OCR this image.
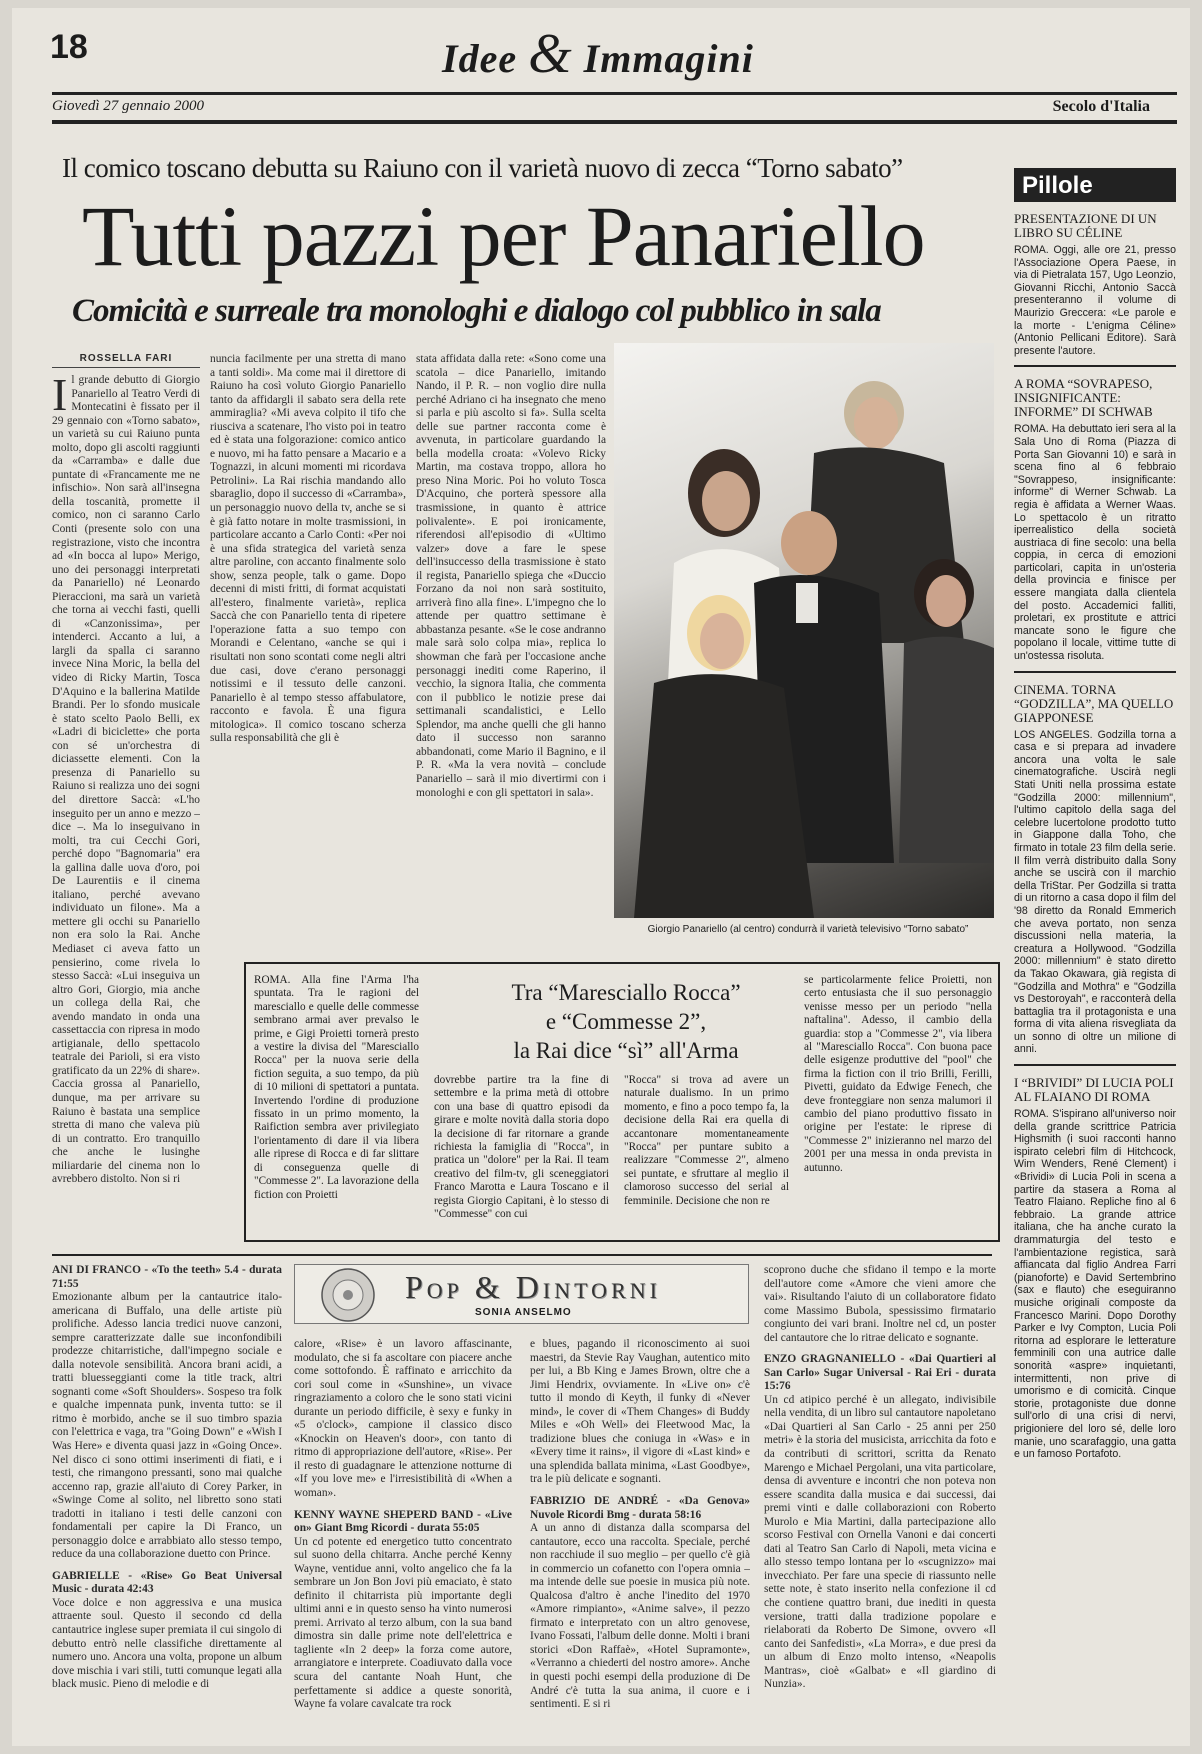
18	Idee & Immagini
Giovedì 27 gennaio 2000	Secolo d'Italia
Il comico toscano debutta su Raiuno con il varietà nuovo di zecca “Torno sabato”
Tutti pazzi per Panariello
Comicità e surreale tra monologhi e dialogo col pubblico in sala
ROSSELLA FARI
I l grande debutto di Giorgio Panariello al Teatro Verdi di Montecatini è fissato per il 29 gennaio con «Torno sabato», un varietà su cui Raiuno punta molto, dopo gli ascolti raggiunti da «Carramba» e dalle due puntate di «Francamente me ne infischio». Non sarà all'insegna della toscanità, promette il comico, non ci saranno Carlo Conti (presente solo con una registrazione, visto che incontra ad «In bocca al lupo» Merigo, uno dei personaggi interpretati da Panariello) né Leonardo Pieraccioni, ma sarà un varietà che torna ai vecchi fasti, quelli di «Canzonissima», per intenderci. Accanto a lui, a largli da spalla ci saranno invece Nina Moric, la bella del video di Ricky Martin, Tosca D'Aquino e la ballerina Matilde Brandi. Per lo sfondo musicale è stato scelto Paolo Belli, ex «Ladri di biciclette» che porta con sé un'orchestra di diciassette elementi. Con la presenza di Panariello su Raiuno si realizza uno dei sogni del direttore Saccà: «L'ho inseguito per un anno e mezzo – dice –. Ma lo inseguivano in molti, tra cui Cecchi Gori, perché dopo "Bagnomaria" era la gallina dalle uova d'oro, poi De Laurentiis e il cinema italiano, perché avevano individuato un filone». Ma a mettere gli occhi su Panariello non era solo la Rai. Anche Mediaset ci aveva fatto un pensierino, come rivela lo stesso Saccà: «Lui inseguiva un altro Gori, Giorgio, mia anche un collega della Rai, che avendo mandato in onda una cassettaccia con ripresa in modo artigianale, dello spettacolo teatrale dei Parioli, si era visto gratificato da un 22% di share». Caccia grossa al Panariello, dunque, ma per arrivare su Raiuno è bastata una semplice stretta di mano che valeva più di un contratto. Ero tranquillo che anche le lusinghe miliardarie del cinema non lo avrebbero distolto. Non si ri
nuncia facilmente per una stretta di mano a tanti soldi». Ma come mai il direttore di Raiuno ha così voluto Giorgio Panariello tanto da affidargli il sabato sera della rete ammiraglia? «Mi aveva colpito il tifo che riusciva a scatenare, l'ho visto poi in teatro ed è stata una folgorazione: comico antico e nuovo, mi ha fatto pensare a Macario e a Tognazzi, in alcuni momenti mi ricordava Petrolini». La Rai rischia mandando allo sbaraglio, dopo il successo di «Carramba», un personaggio nuovo della tv, anche se si è già fatto notare in molte trasmissioni, in particolare accanto a Carlo Conti: «Per noi è una sfida strategica del varietà senza altre paroline, con accanto finalmente solo show, senza people, talk o game. Dopo decenni di misti fritti, di format acquistati all'estero, finalmente varietà», replica Saccà che con Panariello tenta di ripetere l'operazione fatta a suo tempo con Morandi e Celentano, «anche se qui i risultati non sono scontati come negli altri due casi, dove c'erano personaggi notissimi e il tessuto delle canzoni. Panariello è al tempo stesso affabulatore, racconto e favola. È una figura mitologica». Il comico toscano scherza sulla responsabilità che gli è
stata affidata dalla rete: «Sono come una scatola – dice Panariello, imitando Nando, il P. R. – non voglio dire nulla perché Adriano ci ha insegnato che meno si parla e più ascolto si fa». Sulla scelta delle sue partner racconta come è avvenuta, in particolare guardando la bella modella croata: «Volevo Ricky Martin, ma costava troppo, allora ho preso Nina Moric. Poi ho voluto Tosca D'Acquino, che porterà spessore alla trasmissione, in quanto è attrice polivalente». E poi ironicamente, riferendosi all'episodio di «Ultimo valzer» dove a fare le spese dell'insuccesso della trasmissione è stato il regista, Panariello spiega che «Duccio Forzano da noi non sarà sostituito, arriverà fino alla fine». L'impegno che lo attende per quattro settimane è abbastanza pesante. «Se le cose andranno male sarà solo colpa mia», replica lo showman che farà per l'occasione anche personaggi inediti come Raperino, il vecchio, la signora Italia, che commenta con il pubblico le notizie prese dai settimanali scandalistici, e Lello Splendor, ma anche quelli che gli hanno dato il successo non saranno abbandonati, come Mario il Bagnino, e il P. R. «Ma la vera novità – conclude Panariello – sarà il mio divertirmi con i monologhi e con gli spettatori in sala».
Giorgio Panariello (al centro) condurrà il varietà televisivo “Torno sabato”
Pillole
PRESENTAZIONE DI UN LIBRO SU CÉLINE
ROMA. Oggi, alle ore 21, presso l'Associazione Opera Paese, in via di Pietralata 157, Ugo Leonzio, Giovanni Ricchi, Antonio Saccà presenteranno il volume di Maurizio Greccera: «Le parole e la morte - L'enigma Céline» (Antonio Pellicani Editore). Sarà presente l'autore.
A ROMA “SOVRAPESO, INSIGNIFICANTE: INFORME” DI SCHWAB
ROMA. Ha debuttato ieri sera al la Sala Uno di Roma (Piazza di Porta San Giovanni 10) e sarà in scena fino al 6 febbraio "Sovrappeso, insignificante: informe" di Werner Schwab. La regia è affidata a Werner Waas. Lo spettacolo è un ritratto iperrealistico della società austriaca di fine secolo: una bella coppia, in cerca di emozioni particolari, capita in un'osteria della provincia e finisce per essere mangiata dalla clientela del posto. Accademici falliti, proletari, ex prostitute e attrici mancate sono le figure che popolano il locale, vittime tutte di un'ostessa risoluta.
CINEMA. TORNA “GODZILLA”, MA QUELLO GIAPPONESE
LOS ANGELES. Godzilla torna a casa e si prepara ad invadere ancora una volta le sale cinematografiche. Uscirà negli Stati Uniti nella prossima estate "Godzilla 2000: millennium", l'ultimo capitolo della saga del celebre lucertolone prodotto tutto in Giappone dalla Toho, che firmato in totale 23 film della serie. Il film verrà distribuito dalla Sony anche se uscirà con il marchio della TriStar. Per Godzilla si tratta di un ritorno a casa dopo il film del '98 diretto da Ronald Emmerich che aveva portato, non senza discussioni nella materia, la creatura a Hollywood. "Godzilla 2000: millennium" è stato diretto da Takao Okawara, già regista di "Godzilla and Mothra" e "Godzilla vs Destoroyah", e racconterà della battaglia tra il protagonista e una forma di vita aliena risvegliata da un sonno di oltre un milione di anni.
I “BRIVIDI” DI LUCIA POLI AL FLAIANO DI ROMA
ROMA. S'ispirano all'universo noir della grande scrittrice Patricia Highsmith (i suoi racconti hanno ispirato celebri film di Hitchcock, Wim Wenders, René Clement) i «Brividi» di Lucia Poli in scena a partire da stasera a Roma al Teatro Flaiano. Repliche fino al 6 febbraio. La grande attrice italiana, che ha anche curato la drammaturgia del testo e l'ambientazione registica, sarà affiancata dal figlio Andrea Farri (pianoforte) e David Sertembrino (sax e flauto) che eseguiranno musiche originali composte da Francesco Marini. Dopo Dorothy Parker e Ivy Compton, Lucia Poli ritorna ad esplorare le letterature femminili con una autrice dalle sonorità «aspre» inquietanti, intermittenti, non prive di umorismo e di comicità. Cinque storie, protagoniste due donne sull'orlo di una crisi di nervi, prigioniere del loro sé, delle loro manie, uno scarafaggio, una gatta e un famoso Portafoto.
Tra “Maresciallo Rocca”
e “Commesse 2”,
la Rai dice “sì” all'Arma
ROMA. Alla fine l'Arma l'ha spuntata. Tra le ragioni del maresciallo e quelle delle commesse sembrano armai aver prevalso le prime, e Gigi Proietti tornerà presto a vestire la divisa del "Maresciallo Rocca" per la nuova serie della fiction seguita, a suo tempo, da più di 10 milioni di spettatori a puntata. Invertendo l'ordine di produzione fissato in un primo momento, la Raifiction sembra aver privilegiato l'orientamento di dare il via libera alle riprese di Rocca e di far slittare di conseguenza quelle di "Commesse 2". La lavorazione della fiction con Proietti
dovrebbe partire tra la fine di settembre e la prima metà di ottobre con una base di quattro episodi da girare e molte novità dalla storia dopo la decisione di far ritornare a grande richiesta la famiglia di "Rocca", in pratica un "dolore" per la Rai. Il team creativo del film-tv, gli sceneggiatori Franco Marotta e Laura Toscano e il regista Giorgio Capitani, è lo stesso di "Commesse" con cui
"Rocca" si trova ad avere un naturale dualismo. In un primo momento, e fino a poco tempo fa, la decisione della Rai era quella di accantonare momentaneamente "Rocca" per puntare subito a realizzare "Commesse 2", almeno sei puntate, e sfruttare al meglio il clamoroso successo del serial al femminile. Decisione che non re
se particolarmente felice Proietti, non certo entusiasta che il suo personaggio venisse messo per un periodo "nella naftalina". Adesso, il cambio della guardia: stop a "Commesse 2", via libera al "Maresciallo Rocca". Con buona pace delle esigenze produttive del "pool" che firma la fiction con il trio Brilli, Ferilli, Pivetti, guidato da Edwige Fenech, che deve fronteggiare non senza malumori il cambio del piano produttivo fissato in origine per l'estate: le riprese di "Commesse 2" inizieranno nel marzo del 2001 per una messa in onda prevista in autunno.
Pop & Dintorni
SONIA ANSELMO
ANI DI FRANCO - «To the teeth» 5.4 - durata 71:55
Emozionante album per la cantautrice italo-americana di Buffalo, una delle artiste più prolifiche. Adesso lancia tredici nuove canzoni, sempre caratterizzate dalle sue inconfondibili prodezze chitarristiche, dall'impegno sociale e dalla notevole sensibilità. Ancora brani acidi, a tratti bluesseggianti come la title track, altri sognanti come «Soft Shoulders». Sospeso tra folk e qualche impennata punk, inventa tutto: se il ritmo è morbido, anche se il suo timbro spazia con l'elettrica e vaga, tra "Going Down" e «Wish I Was Here» e diventa quasi jazz in «Going Once». Nel disco ci sono ottimi inserimenti di fiati, e i testi, che rimangono pressanti, sono mai qualche accenno rap, grazie all'aiuto di Corey Parker, in «Swinge Come al solito, nel libretto sono stati tradotti in italiano i testi delle canzoni con fondamentali per capire la Di Franco, un personaggio dolce e arrabbiato allo stesso tempo, reduce da una collaborazione duetto con Prince.
GABRIELLE - «Rise» Go Beat Universal Music - durata 42:43
Voce dolce e non aggressiva e una musica attraente soul. Questo il secondo cd della cantautrice inglese super premiata il cui singolo di debutto entrò nelle classifiche direttamente al numero uno. Ancora una volta, propone un album dove mischia i vari stili, tutti comunque legati alla black music. Pieno di melodie e di
calore, «Rise» è un lavoro affascinante, modulato, che si fa ascoltare con piacere anche come sottofondo. È raffinato e arricchito da cori soul come in «Sunshine», un vivace ringraziamento a coloro che le sono stati vicini durante un periodo difficile, è sexy e funky in «5 o'clock», campione il classico disco «Knockin on Heaven's door», con tanto di ritmo di appropriazione dell'autore, «Rise». Per il resto di guadagnare le attenzione notturne di «If you love me» e l'irresistibilità di «When a woman».
KENNY WAYNE SHEPERD BAND - «Live on» Giant Bmg Ricordi - durata 55:05
Un cd potente ed energetico tutto concentrato sul suono della chitarra. Anche perché Kenny Wayne, ventidue anni, volto angelico che fa la sembrare un Jon Bon Jovi più emaciato, è stato definito il chitarrista più importante degli ultimi anni e in questo senso ha vinto numerosi premi. Arrivato al terzo album, con la sua band dimostra sin dalle prime note dell'elettrica e tagliente «In 2 deep» la forza come autore, arrangiatore e interprete. Coadiuvato dalla voce scura del cantante Noah Hunt, che perfettamente si addice a queste sonorità, Wayne fa volare cavalcate tra rock
e blues, pagando il riconoscimento ai suoi maestri, da Stevie Ray Vaughan, autentico mito per lui, a Bb King e James Brown, oltre che a Jimi Hendrix, ovviamente. In «Live on» c'è tutto il mondo di Keyth, il funky di «Never mind», le cover di «Them Changes» di Buddy Miles e «Oh Well» dei Fleetwood Mac, la tradizione blues che coniuga in «Was» e in «Every time it rains», il vigore di «Last kind» e una splendida ballata minima, «Last Goodbye», tra le più delicate e sognanti.
FABRIZIO DE ANDRÉ - «Da Genova» Nuvole Ricordi Bmg - durata 58:16
A un anno di distanza dalla scomparsa del cantautore, ecco una raccolta. Speciale, perché non racchiude il suo meglio – per quello c'è già in commercio un cofanetto con l'opera omnia – ma intende delle sue poesie in musica più note. Qualcosa d'altro è anche l'inedito del 1970 «Amore rimpianto», «Anime salve», il pezzo firmato e interpretato con un altro genovese, Ivano Fossati, l'album delle donne. Molti i brani storici «Don Raffaè», «Hotel Supramonte», «Verranno a chiederti del nostro amore». Anche in questi pochi esempi della produzione di De André c'è tutta la sua anima, il cuore e i sentimenti. E si ri
scoprono duche che sfidano il tempo e la morte dell'autore come «Amore che vieni amore che vai». Risultando l'aiuto di un collaboratore fidato come Massimo Bubola, spessissimo firmatario congiunto dei vari brani. Inoltre nel cd, un poster del cantautore che lo ritrae delicato e sognante.
ENZO GRAGNANIELLO - «Dai Quartieri al San Carlo» Sugar Universal - Rai Eri - durata 15:76
Un cd atipico perché è un allegato, indivisibile nella vendita, di un libro sul cantautore napoletano «Dai Quartieri al San Carlo - 25 anni per 250 metri» è la storia del musicista, arricchita da foto e da contributi di scrittori, scritta da Renato Marengo e Michael Pergolani, una vita particolare, densa di avventure e incontri che non poteva non essere scandita dalla musica e dai successi, dai premi vinti e dalle collaborazioni con Roberto Murolo e Mia Martini, dalla partecipazione allo scorso Festival con Ornella Vanoni e dai concerti dati al Teatro San Carlo di Napoli, meta vicina e allo stesso tempo lontana per lo «scugnizzo» mai invecchiato. Per fare una specie di riassunto nelle sette note, è stato inserito nella confezione il cd che contiene quattro brani, due inediti in questa versione, tratti dalla tradizione popolare e rielaborati da Roberto De Simone, ovvero «Il canto dei Sanfedisti», «La Morra», e due presi da un album di Enzo molto intenso, «Neapolis Mantras», cioè «Galbat» e «Il giardino di Nunzia».
